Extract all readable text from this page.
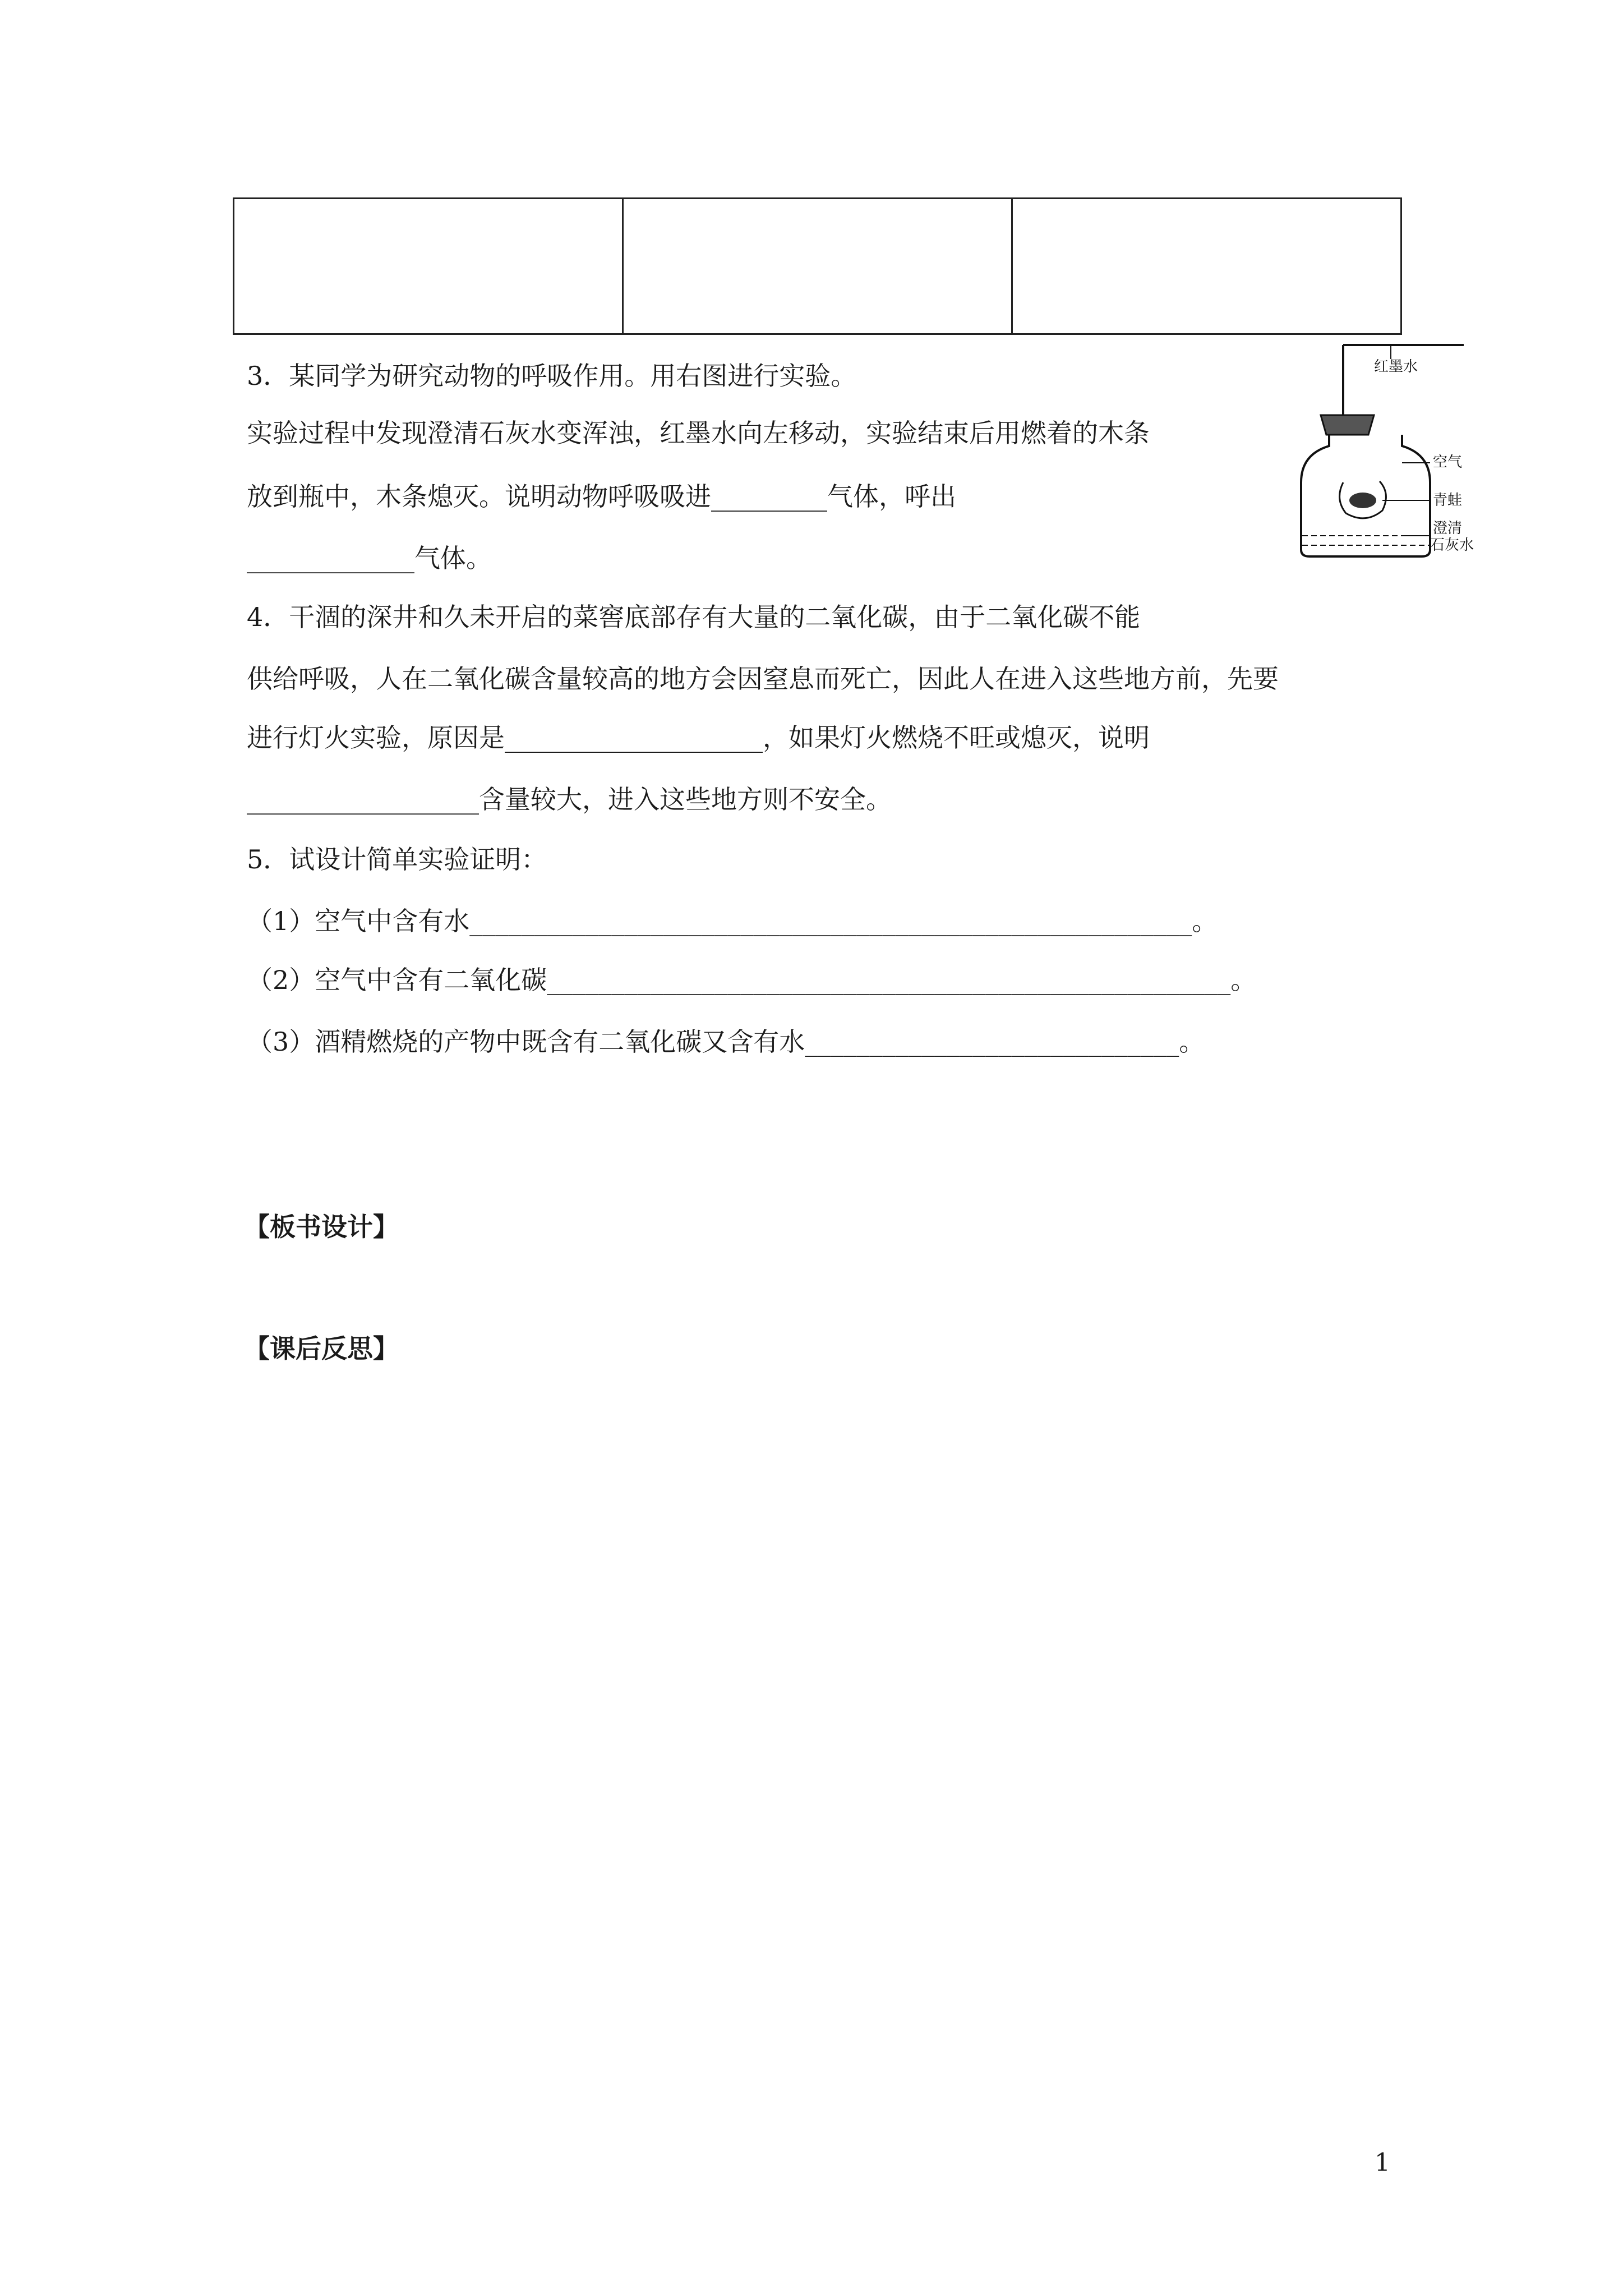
3．某同学为研究动物的呼吸作用。用右图进行实验。
实验过程中发现澄清石灰水变浑浊，红墨水向左移动，实验结束后用燃着的木条
放到瓶中，木条熄灭。说明动物呼吸吸进_________气体，呼出
_____________气体。
红墨水
空气
青蛙
澄清
石灰水
4．干涸的深井和久未开启的菜窖底部存有大量的二氧化碳，由于二氧化碳不能
供给呼吸，人在二氧化碳含量较高的地方会因窒息而死亡，因此人在进入这些地方前，先要
进行灯火实验，原因是____________________，如果灯火燃烧不旺或熄灭，说明
__________________含量较大，进入这些地方则不安全。
5．试设计简单实验证明：
（1）空气中含有水________________________________________________________。
（2）空气中含有二氧化碳_____________________________________________________。
（3）酒精燃烧的产物中既含有二氧化碳又含有水_____________________________。
【板书设计】
【课后反思】
1
